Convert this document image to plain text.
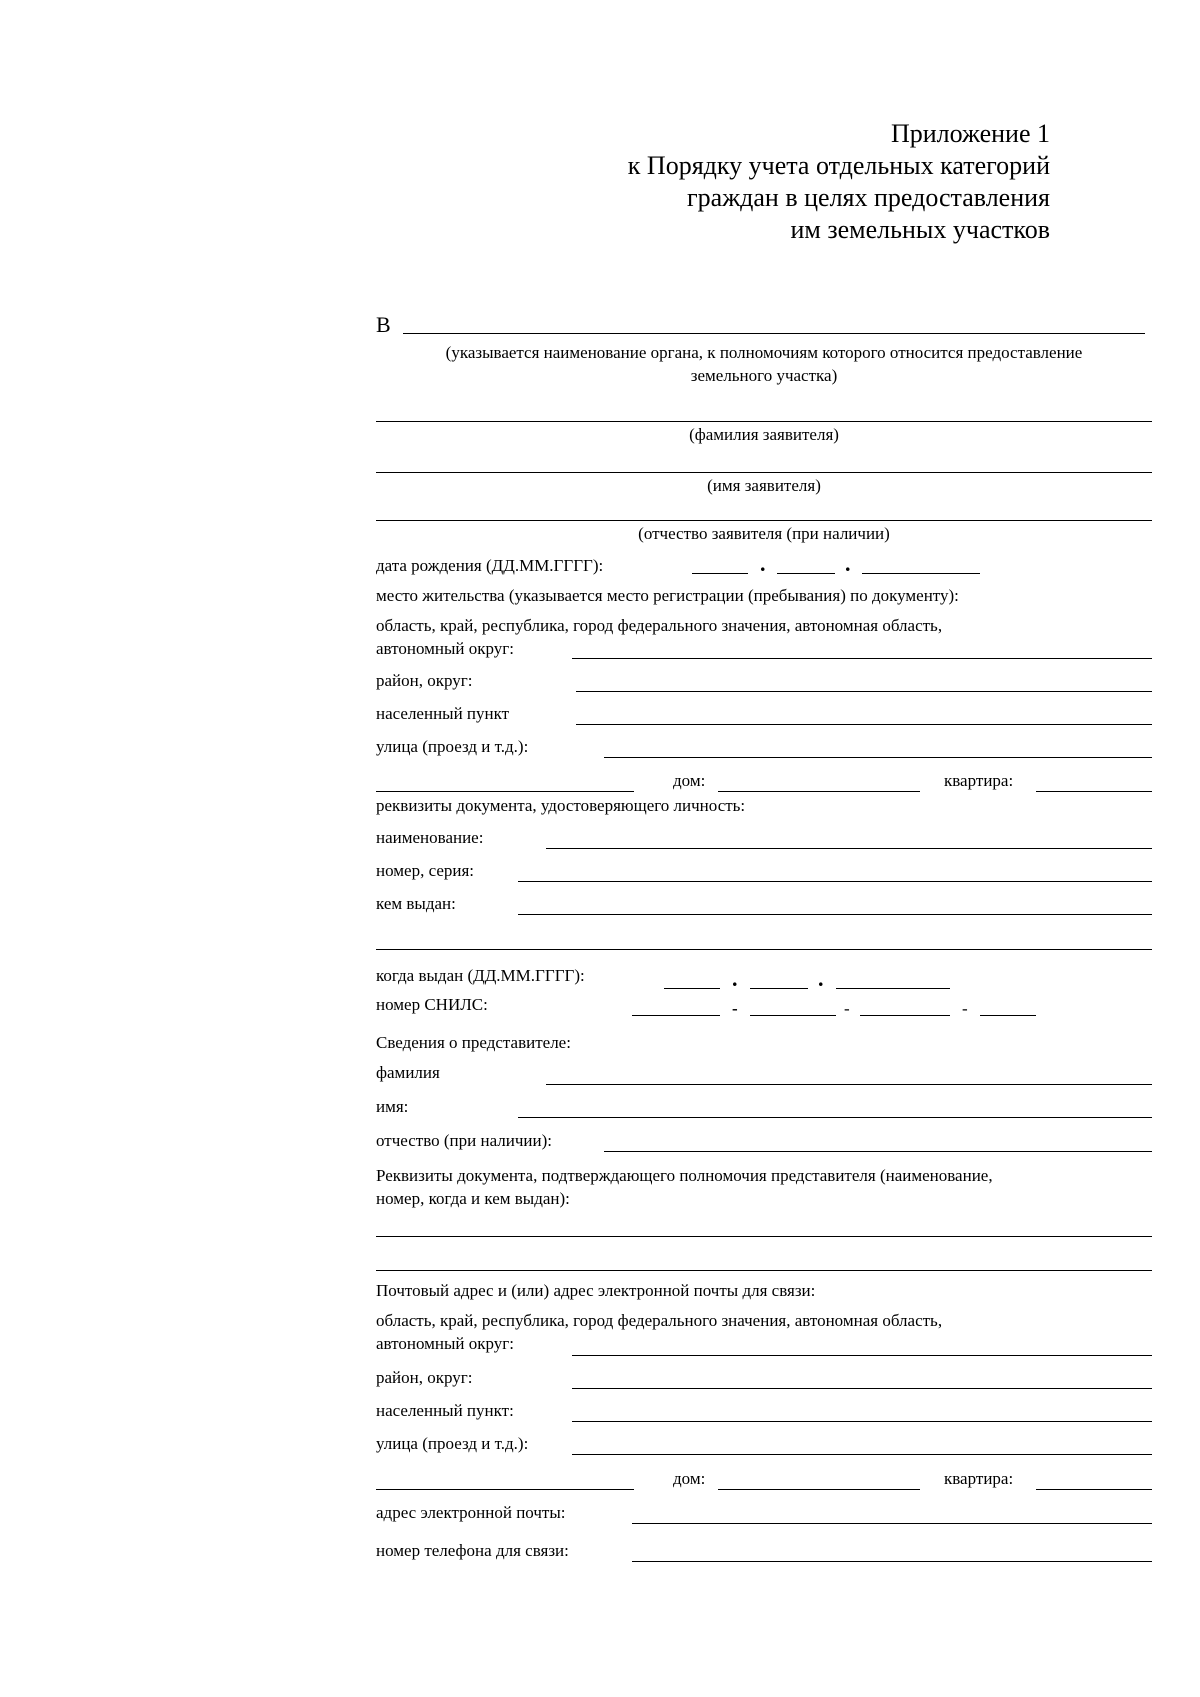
Приложение 1
к Порядку учета отдельных категорий
граждан в целях предоставления
им земельных участков
В
(указывается наименование органа, к полномочиям которого относится предоставление
земельного участка)
(фамилия заявителя)
(имя заявителя)
(отчество заявителя (при наличии)
дата рождения (ДД.ММ.ГГГГ):	.	.
место жительства (указывается место регистрации (пребывания) по документу):
область, край, республика, город федерального значения, автономная область,
автономный округ:
район, округ:
населенный пункт
улица (проезд и т.д.):
дом:	квартира:
реквизиты документа, удостоверяющего личность:
наименование:
номер, серия:
кем выдан:
когда выдан (ДД.ММ.ГГГГ):	.	.
номер СНИЛС:	-	-	-
Сведения о представителе:
фамилия
имя:
отчество (при наличии):
Реквизиты документа, подтверждающего полномочия представителя (наименование,
номер, когда и кем выдан):
Почтовый адрес и (или) адрес электронной почты для связи:
область, край, республика, город федерального значения, автономная область,
автономный округ:
район, округ:
населенный пункт:
улица (проезд и т.д.):
дом:	квартира:
адрес электронной почты:
номер телефона для связи:
